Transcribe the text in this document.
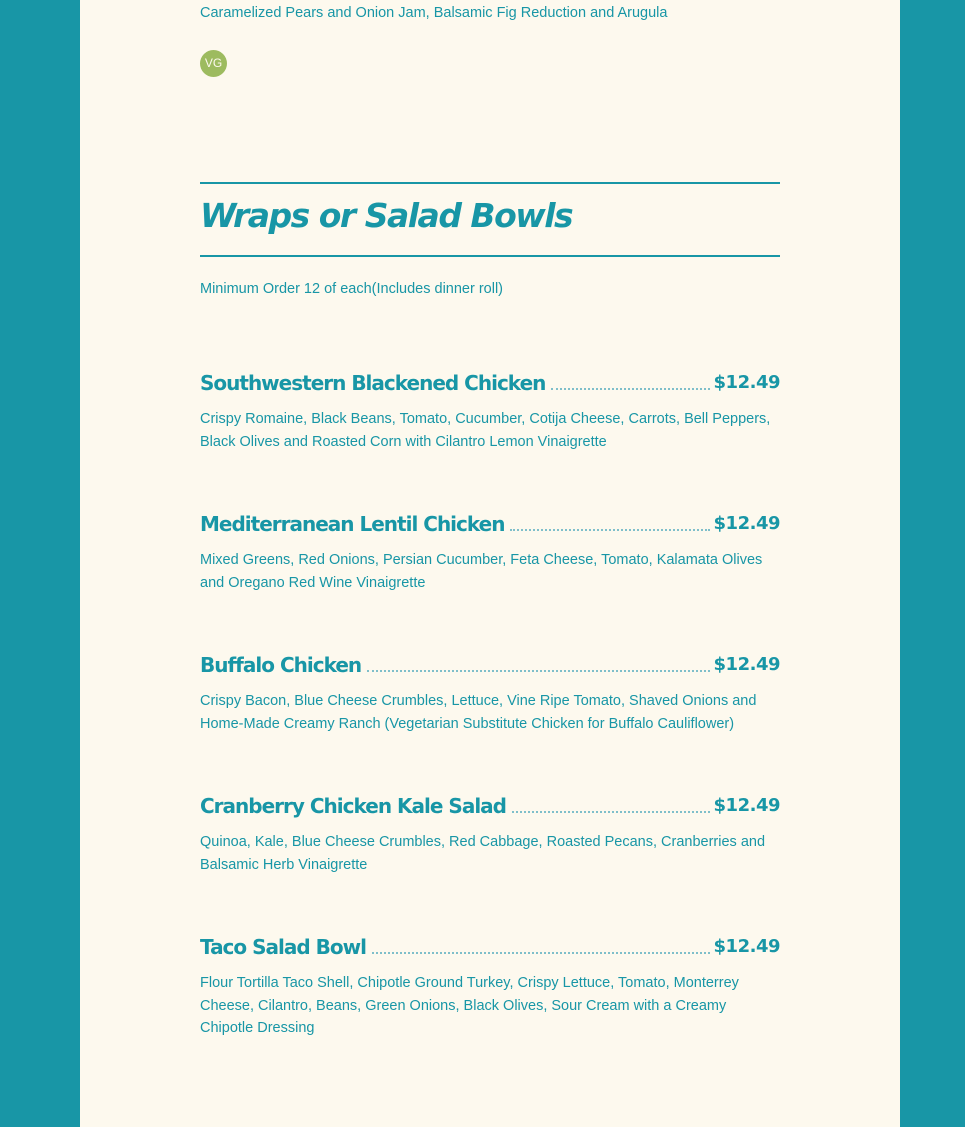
Caramelized Pears and Onion Jam, Balsamic Fig Reduction and Arugula
VG
Wraps or Salad Bowls
Minimum Order 12 of each(Includes dinner roll)
Southwestern Blackened Chicken	$12.49
Crispy Romaine, Black Beans, Tomato, Cucumber, Cotija Cheese, Carrots, Bell Peppers, Black Olives and Roasted Corn with Cilantro Lemon Vinaigrette
Mediterranean Lentil Chicken	$12.49
Mixed Greens, Red Onions, Persian Cucumber, Feta Cheese, Tomato, Kalamata Olives and Oregano Red Wine Vinaigrette
Buffalo Chicken	$12.49
Crispy Bacon, Blue Cheese Crumbles, Lettuce, Vine Ripe Tomato, Shaved Onions and Home-Made Creamy Ranch (Vegetarian Substitute Chicken for Buffalo Cauliflower)
Cranberry Chicken Kale Salad	$12.49
Quinoa, Kale, Blue Cheese Crumbles, Red Cabbage, Roasted Pecans, Cranberries and Balsamic Herb Vinaigrette
Taco Salad Bowl	$12.49
Flour Tortilla Taco Shell, Chipotle Ground Turkey, Crispy Lettuce, Tomato, Monterrey Cheese, Cilantro, Beans, Green Onions, Black Olives, Sour Cream with a Creamy Chipotle Dressing
